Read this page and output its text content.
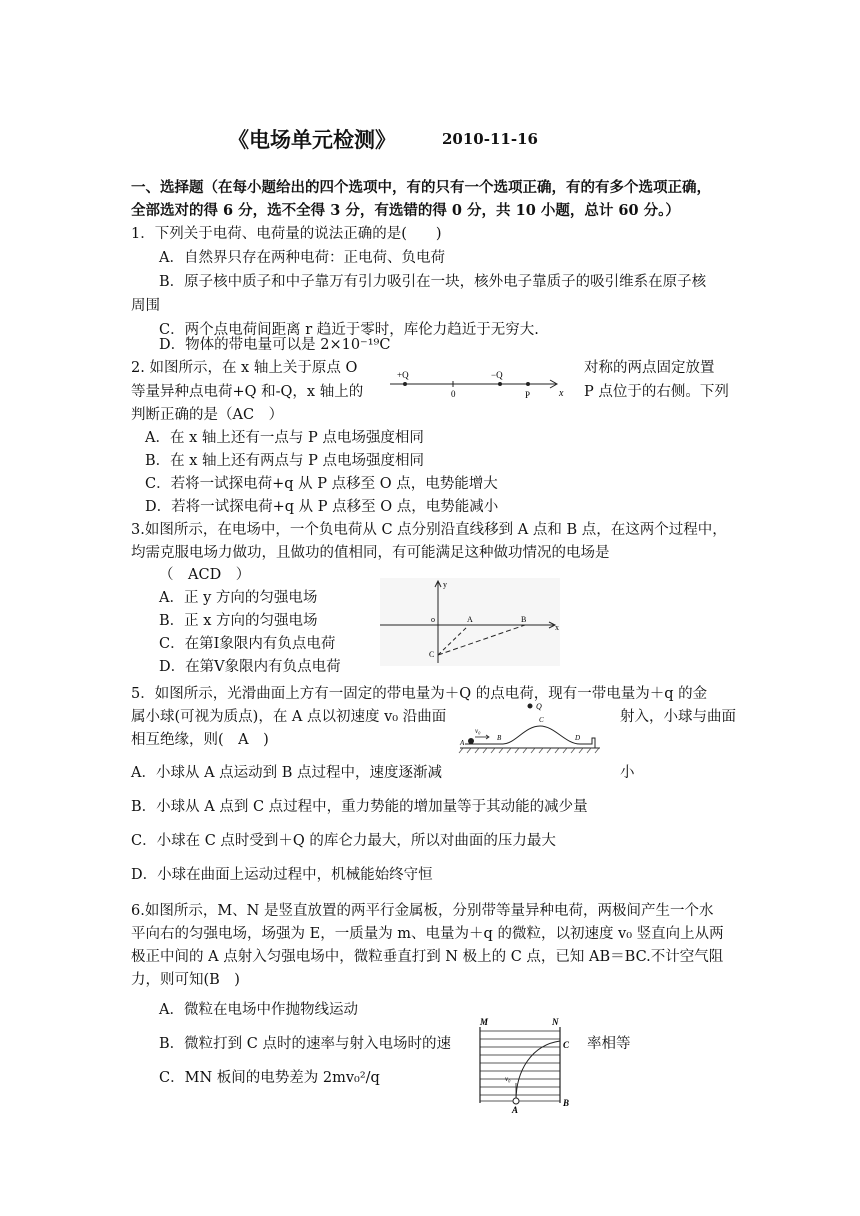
《电场单元检测》	2010-11-16
一、选择题（在每小题给出的四个选项中，有的只有一个选项正确，有的有多个选项正确，
全部选对的得 6 分，选不全得 3 分，有选错的得 0 分，共 10 小题，总计 60 分。）
1．下列关于电荷、电荷量的说法正确的是(　　)
A．自然界只存在两种电荷：正电荷、负电荷
B．原子核中质子和中子靠万有引力吸引在一块，核外电子靠质子的吸引维系在原子核
周围
C．两个点电荷间距离 r 趋近于零时，库伦力趋近于无穷大.
D．物体的带电量可以是 2×10⁻¹⁹C
2. 如图所示，在 x 轴上关于原点 O	对称的两点固定放置
等量异种点电荷+Q 和-Q，x 轴上的	P 点位于的右侧。下列
判断正确的是（AC　）
+Q	−Q
0	P	x
A．在 x 轴上还有一点与 P 点电场强度相同
B．在 x 轴上还有两点与 P 点电场强度相同
C．若将一试探电荷+q 从 P 点移至 O 点，电势能增大
D．若将一试探电荷+q 从 P 点移至 O 点，电势能减小
3.如图所示，在电场中，一个负电荷从 C 点分别沿直线移到 A 点和 B 点，在这两个过程中，
均需克服电场力做功，且做功的值相同，有可能满足这种做功情况的电场是
（　ACD　）
A．正 y 方向的匀强电场
B．正 x 方向的匀强电场
C．在第Ⅰ象限内有负点电荷
D．在第Ⅴ象限内有负点电荷
y
x
o	A	B
C
5．如图所示，光滑曲面上方有一固定的带电量为＋Q 的点电荷，现有一带电量为＋q 的金
属小球(可视为质点)，在 A 点以初速度 v₀ 沿曲面	射入，小球与曲面
相互绝缘，则(　A　)
Q
v₀
A
B
C
D
A．小球从 A 点运动到 B 点过程中，速度逐渐减	小
B．小球从 A 点到 C 点过程中，重力势能的增加量等于其动能的减少量
C．小球在 C 点时受到＋Q 的库仑力最大，所以对曲面的压力最大
D．小球在曲面上运动过程中，机械能始终守恒
6.如图所示，M、N 是竖直放置的两平行金属板，分别带等量异种电荷，两极间产生一个水
平向右的匀强电场，场强为 E，一质量为 m、电量为＋q 的微粒，以初速度 v₀ 竖直向上从两
极正中间的 A 点射入匀强电场中，微粒垂直打到 N 极上的 C 点，已知 AB＝BC.不计空气阻
力，则可知(B　)
A．微粒在电场中作抛物线运动
B．微粒打到 C 点时的速率与射入电场时的速	率相等
C．MN 板间的电势差为 2mv₀²/q
M	N
C
B
A
v₀
